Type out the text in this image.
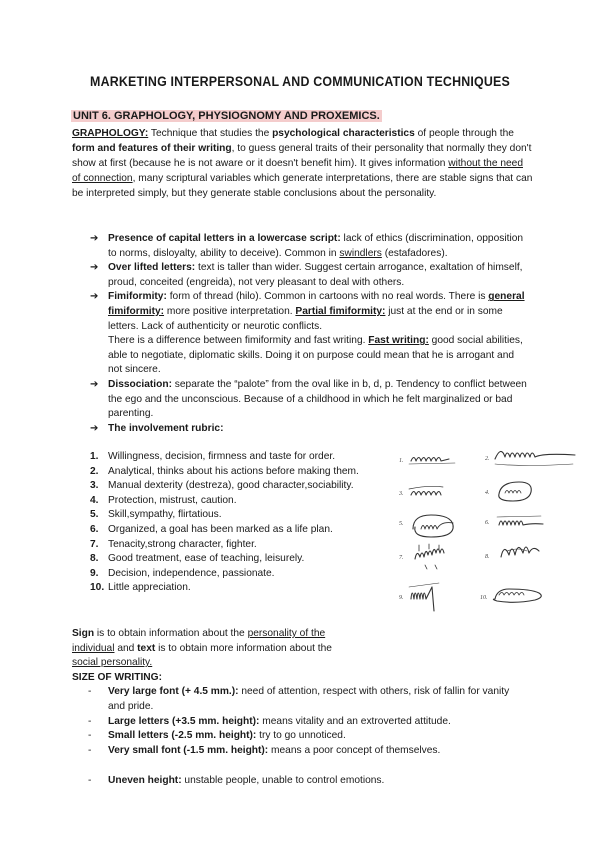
MARKETING INTERPERSONAL AND COMMUNICATION TECHNIQUES
UNIT 6. GRAPHOLOGY, PHYSIOGNOMY AND PROXEMICS.
GRAPHOLOGY: Technique that studies the psychological characteristics of people through the form and features of their writing, to guess general traits of their personality that normally they don't show at first (because he is not aware or it doesn't benefit him). It gives information without the need of connection, many scriptural variables which generate interpretations, there are stable signs that can be interpreted simply, but they generate stable conclusions about the personality.
➔ Presence of capital letters in a lowercase script: lack of ethics (discrimination, opposition to norms, disloyalty, ability to deceive). Common in swindlers (estafadores).
➔ Over lifted letters: text is taller than wider. Suggest certain arrogance, exaltation of himself, proud, conceited (engreida), not very pleasant to deal with others.
➔ Fimiformity: form of thread (hilo). Common in cartoons with no real words. There is general fimiformity: more positive interpretation. Partial fimiformity: just at the end or in some letters. Lack of authenticity or neurotic conflicts.
There is a difference between fimiformity and fast writing. Fast writing: good social abilities, able to negotiate, diplomatic skills. Doing it on purpose could mean that he is arrogant and not sincere.
➔ Dissociation: separate the “palote” from the oval like in b, d, p. Tendency to conflict between the ego and the unconscious. Because of a childhood in which he felt marginalized or bad parenting.
➔ The involvement rubric:
1. Willingness, decision, firmness and taste for order.
2. Analytical, thinks about his actions before making them.
3. Manual dexterity (destreza), good character,sociability.
4. Protection, mistrust, caution.
5. Skill,sympathy, flirtatious.
6. Organized, a goal has been marked as a life plan.
7. Tenacity,strong character, fighter.
8. Good treatment, ease of teaching, leisurely.
9. Decision, independence, passionate.
10. Little appreciation.
1.	2.
3.	4.
5.	6.
7.	8.
9.	10.
Sign is to obtain information about the personality of the individual and text is to obtain more information about the social personality.
SIZE OF WRITING:
- Very large font (+ 4.5 mm.): need of attention, respect with others, risk of fallin for vanity and pride.
- Large letters (+3.5 mm. height): means vitality and an extroverted attitude.
- Small letters (-2.5 mm. height): try to go unnoticed.
- Very small font (-1.5 mm. height): means a poor concept of themselves.
- Uneven height: unstable people, unable to control emotions.
